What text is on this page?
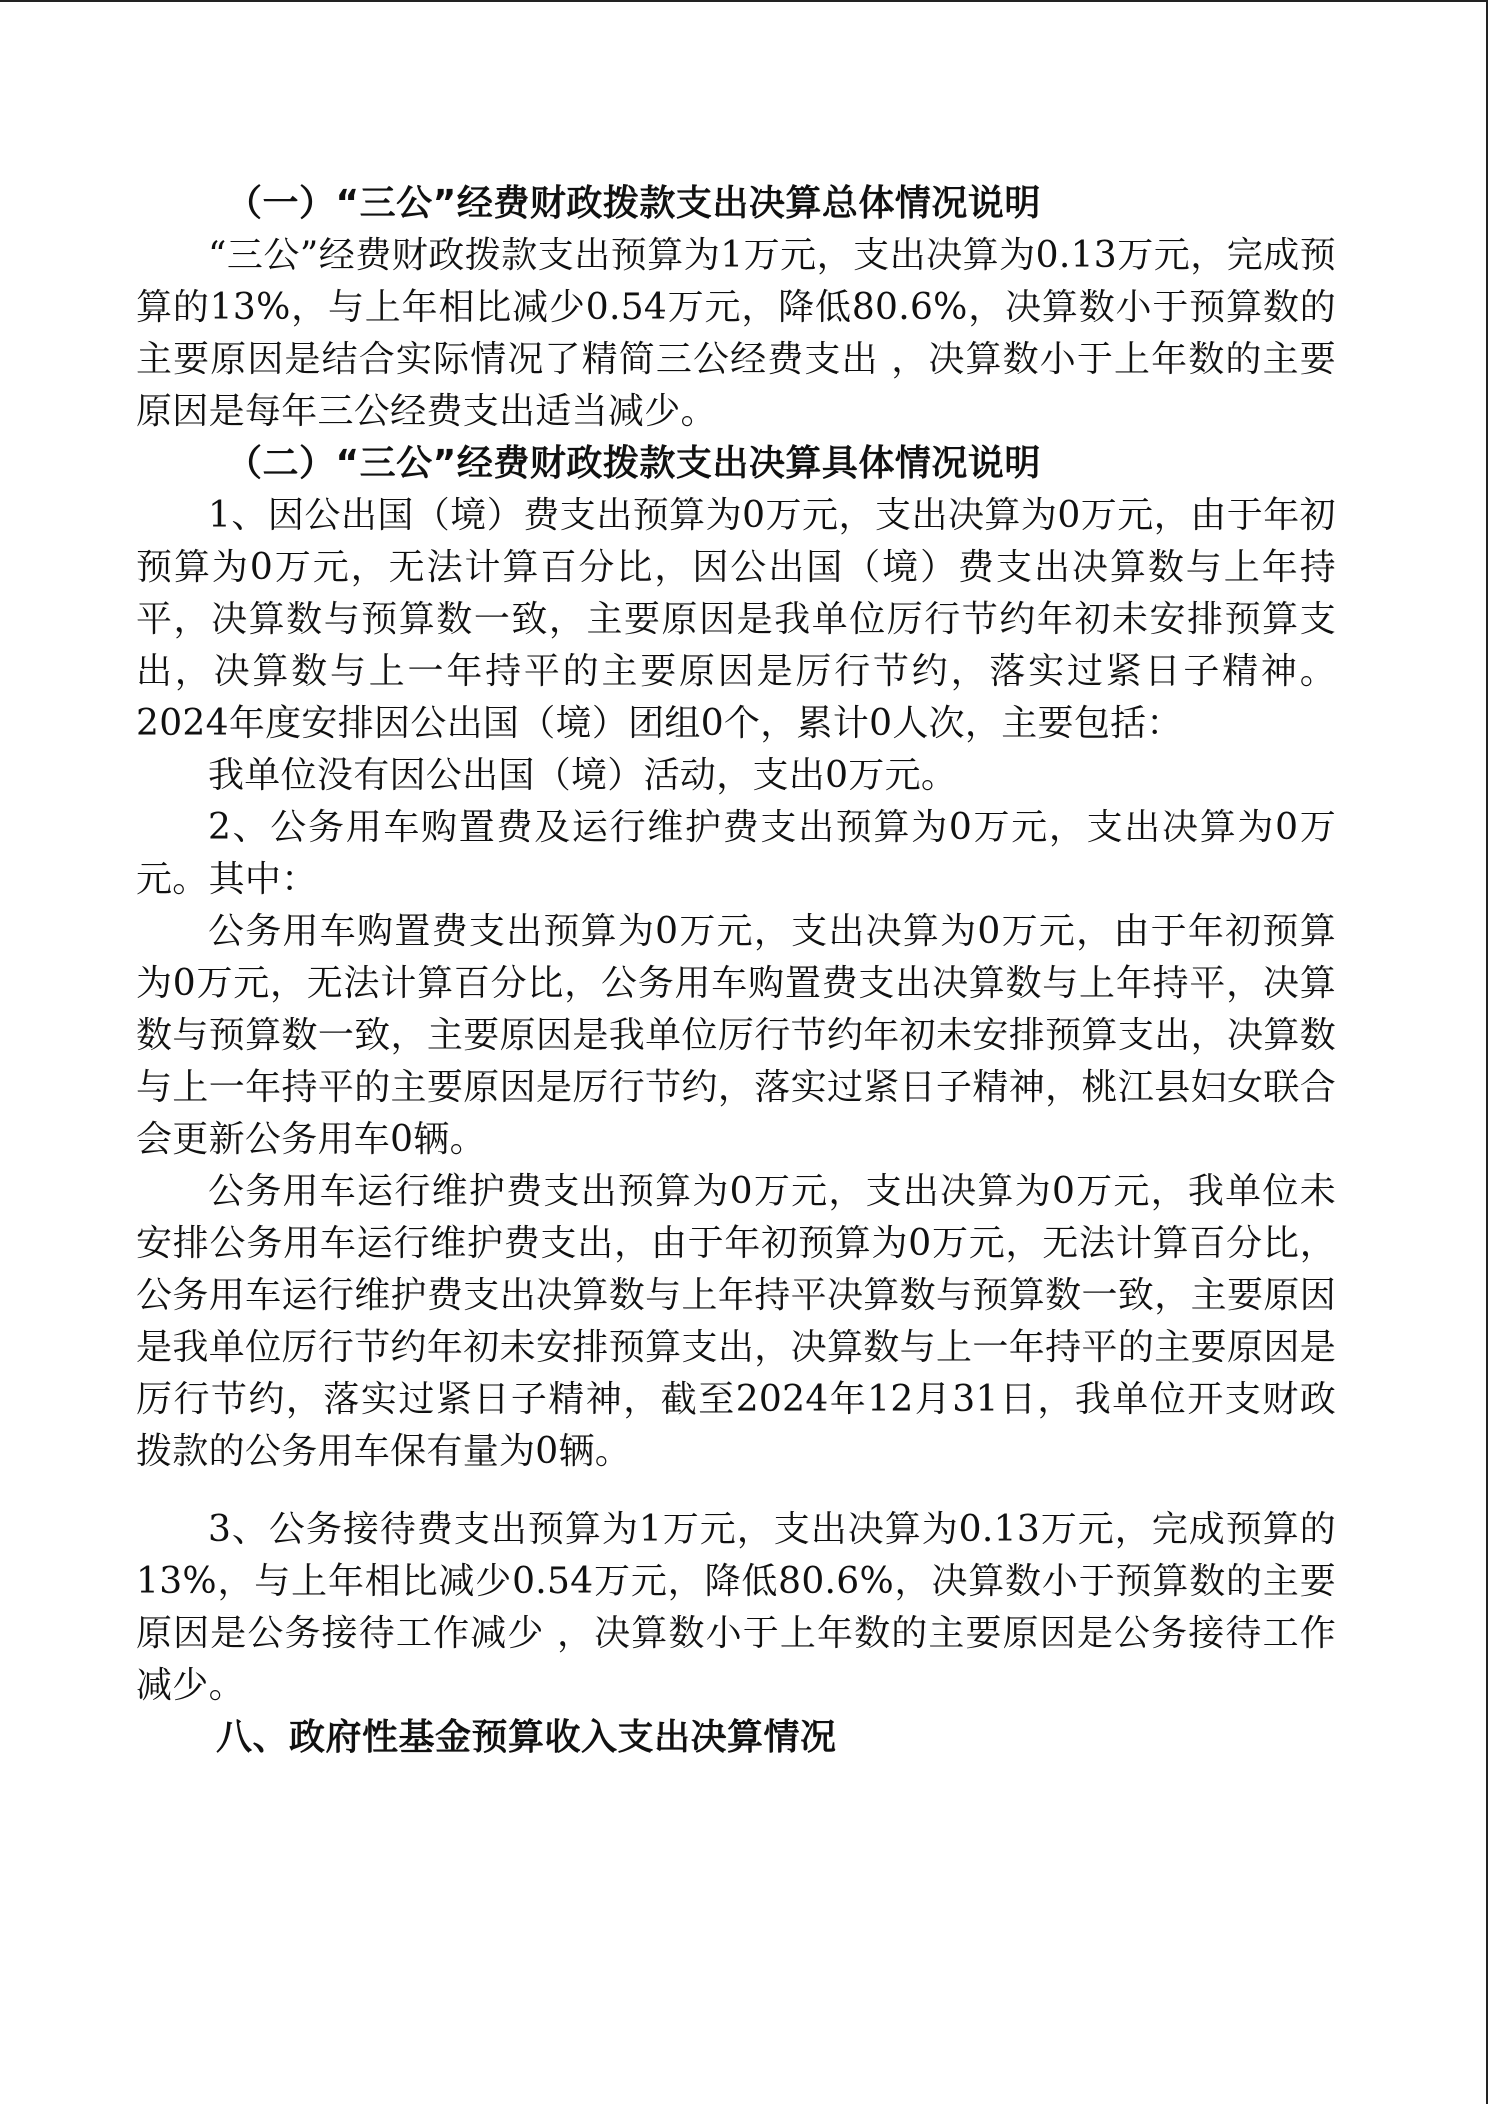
（一）“三公”经费财政拨款支出决算总体情况说明

“三公”经费财政拨款支出预算为1万元，支出决算为0.13万元，完成预算的13%，与上年相比减少0.54万元，降低80.6%，决算数小于预算数的主要原因是结合实际情况了精简三公经费支出 ，决算数小于上年数的主要原因是每年三公经费支出适当减少。

（二）“三公”经费财政拨款支出决算具体情况说明

1、因公出国（境）费支出预算为0万元，支出决算为0万元，由于年初预算为0万元，无法计算百分比，因公出国（境）费支出决算数与上年持平，决算数与预算数一致，主要原因是我单位厉行节约年初未安排预算支出，决算数与上一年持平的主要原因是厉行节约，落实过紧日子精神。2024年度安排因公出国（境）团组0个，累计0人次，主要包括：

我单位没有因公出国（境）活动，支出0万元。

2、公务用车购置费及运行维护费支出预算为0万元，支出决算为0万元。其中：

公务用车购置费支出预算为0万元，支出决算为0万元，由于年初预算为0万元，无法计算百分比，公务用车购置费支出决算数与上年持平，决算数与预算数一致，主要原因是我单位厉行节约年初未安排预算支出，决算数与上一年持平的主要原因是厉行节约，落实过紧日子精神，桃江县妇女联合会更新公务用车0辆。

公务用车运行维护费支出预算为0万元，支出决算为0万元，我单位未安排公务用车运行维护费支出，由于年初预算为0万元，无法计算百分比，公务用车运行维护费支出决算数与上年持平决算数与预算数一致，主要原因是我单位厉行节约年初未安排预算支出，决算数与上一年持平的主要原因是厉行节约，落实过紧日子精神，截至2024年12月31日，我单位开支财政拨款的公务用车保有量为0辆。

3、公务接待费支出预算为1万元，支出决算为0.13万元，完成预算的13%，与上年相比减少0.54万元，降低80.6%，决算数小于预算数的主要原因是公务接待工作减少 ，决算数小于上年数的主要原因是公务接待工作减少。

八、政府性基金预算收入支出决算情况
